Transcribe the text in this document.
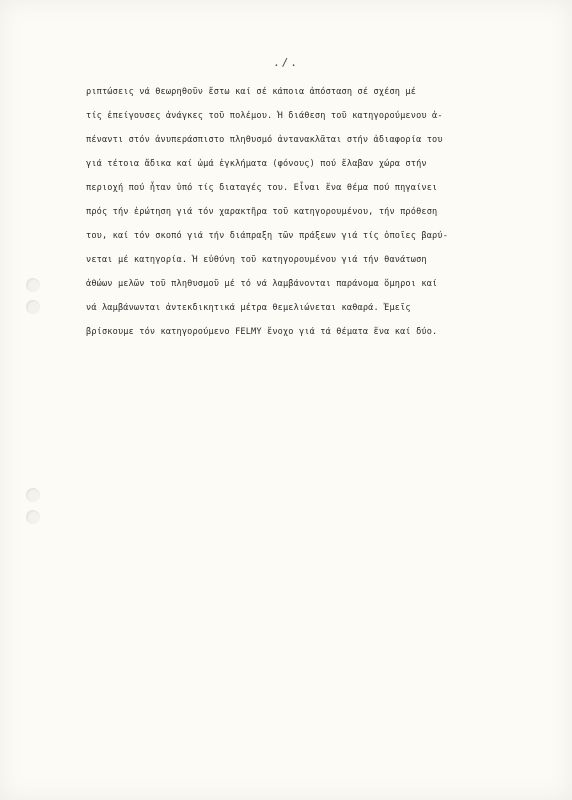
./.
ριπτώσεις νά θεωρηθοῦν ἔστω καί σέ κάποια ἀπόσταση σέ σχέση μέ
τίς ἐπείγουσες ἀνάγκες τοῦ πολέμου. Ἡ διάθεση τοῦ κατηγορούμενου ἀ-
πέναντι στόν ἀνυπεράσπιστο πληθυσμό ἀντανακλᾶται στήν ἀδιαφορία του
γιά τέτοια ἄδικα καί ὠμά ἐγκλήματα (φόνους) πού ἔλαβαν χώρα στήν
περιοχή πού ἦταν ὑπό τίς διαταγές του. Εἶναι ἕνα θέμα πού πηγαίνει
πρός τήν ἐρώτηση γιά τόν χαρακτῆρα τοῦ κατηγορουμένου, τήν πρόθεση
του, καί τόν σκοπό γιά τήν διάπραξη τῶν πράξεων γιά τίς ὁποῖες βαρύ-
νεται μέ κατηγορία. Ἡ εὐθύνη τοῦ κατηγορουμένου γιά τήν θανάτωση
ἀθώων μελῶν τοῦ πληθυσμοῦ μέ τό νά λαμβάνονται παράνομα ὅμηροι καί
νά λαμβάνωνται ἀντεκδικητικά μέτρα θεμελιώνεται καθαρά. Ἐμεῖς
βρίσκουμε τόν κατηγορούμενο FELMY ἔνοχο γιά τά θέματα ἕνα καί δύο.
